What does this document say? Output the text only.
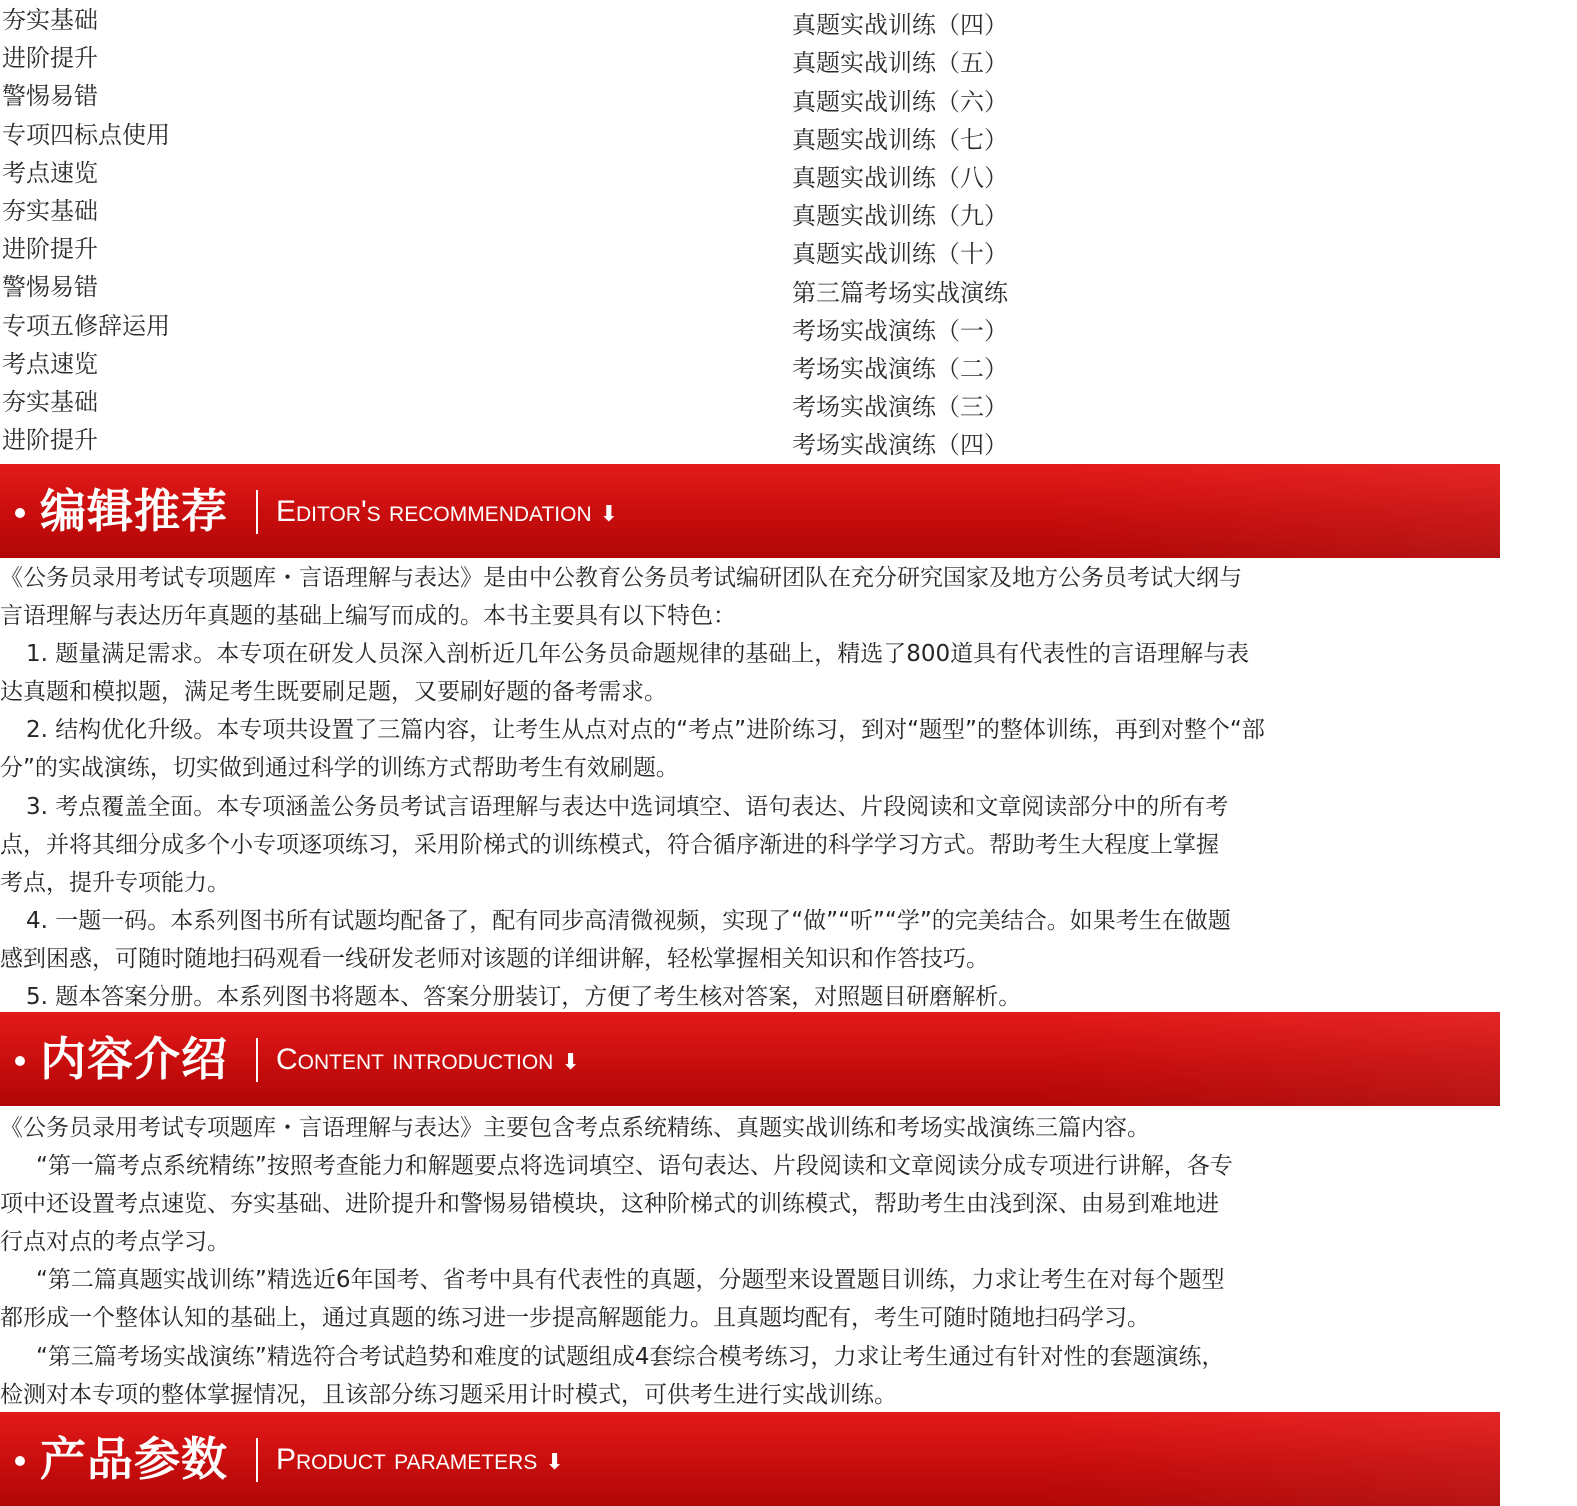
夯实基础
进阶提升
警惕易错
专项四标点使用
考点速览
夯实基础
进阶提升
警惕易错
专项五修辞运用
考点速览
夯实基础
进阶提升
真题实战训练（四）
真题实战训练（五）
真题实战训练（六）
真题实战训练（七）
真题实战训练（八）
真题实战训练（九）
真题实战训练（十）
第三篇考场实战演练
考场实战演练（一）
考场实战演练（二）
考场实战演练（三）
考场实战演练（四）
编辑推荐 Editor's recommendation ⬇
《公务员录用考试专项题库・言语理解与表达》是由中公教育公务员考试编研团队在充分研究国家及地方公务员考试大纲与
言语理解与表达历年真题的基础上编写而成的。本书主要具有以下特色：
1. 题量满足需求。本专项在研发人员深入剖析近几年公务员命题规律的基础上，精选了800道具有代表性的言语理解与表
达真题和模拟题，满足考生既要刷足题，又要刷好题的备考需求。
2. 结构优化升级。本专项共设置了三篇内容，让考生从点对点的“考点”进阶练习，到对“题型”的整体训练，再到对整个“部
分”的实战演练，切实做到通过科学的训练方式帮助考生有效刷题。
3. 考点覆盖全面。本专项涵盖公务员考试言语理解与表达中选词填空、语句表达、片段阅读和文章阅读部分中的所有考
点，并将其细分成多个小专项逐项练习，采用阶梯式的训练模式，符合循序渐进的科学学习方式。帮助考生大程度上掌握
考点，提升专项能力。
4. 一题一码。本系列图书所有试题均配备了，配有同步高清微视频，实现了“做”“听”“学”的完美结合。如果考生在做题
感到困惑，可随时随地扫码观看一线研发老师对该题的详细讲解，轻松掌握相关知识和作答技巧。
5. 题本答案分册。本系列图书将题本、答案分册装订，方便了考生核对答案，对照题目研磨解析。
内容介绍 Content introduction ⬇
《公务员录用考试专项题库・言语理解与表达》主要包含考点系统精练、真题实战训练和考场实战演练三篇内容。
“第一篇考点系统精练”按照考查能力和解题要点将选词填空、语句表达、片段阅读和文章阅读分成专项进行讲解，各专
项中还设置考点速览、夯实基础、进阶提升和警惕易错模块，这种阶梯式的训练模式，帮助考生由浅到深、由易到难地进
行点对点的考点学习。
“第二篇真题实战训练”精选近6年国考、省考中具有代表性的真题，分题型来设置题目训练，力求让考生在对每个题型
都形成一个整体认知的基础上，通过真题的练习进一步提高解题能力。且真题均配有，考生可随时随地扫码学习。
“第三篇考场实战演练”精选符合考试趋势和难度的试题组成4套综合模考练习，力求让考生通过有针对性的套题演练，
检测对本专项的整体掌握情况，且该部分练习题采用计时模式，可供考生进行实战训练。
产品参数 Product parameters ⬇
